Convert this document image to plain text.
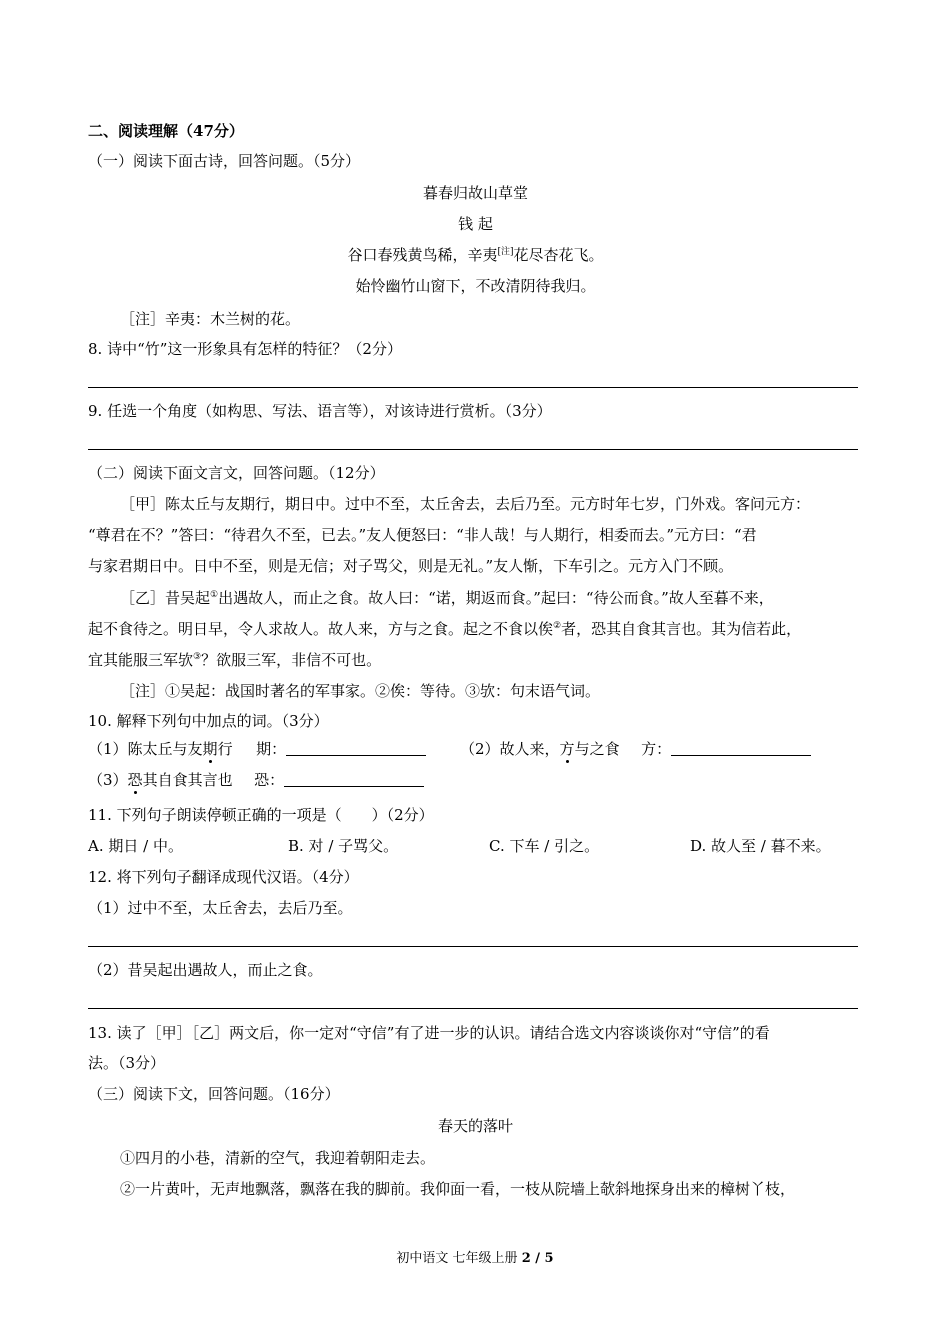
二、阅读理解（47分）
（一）阅读下面古诗，回答问题。（5分）
暮春归故山草堂
钱 起
谷口春残黄鸟稀，辛夷[注]花尽杏花飞。
始怜幽竹山窗下，不改清阴待我归。
［注］辛夷：木兰树的花。
8. 诗中“竹”这一形象具有怎样的特征？（2分）
9. 任选一个角度（如构思、写法、语言等），对该诗进行赏析。（3分）
（二）阅读下面文言文，回答问题。（12分）
［甲］陈太丘与友期行，期日中。过中不至，太丘舍去，去后乃至。元方时年七岁，门外戏。客问元方：
“尊君在不？”答曰：“待君久不至，已去。”友人便怒曰：“非人哉！与人期行，相委而去。”元方曰：“君
与家君期日中。日中不至，则是无信；对子骂父，则是无礼。”友人惭，下车引之。元方入门不顾。
［乙］昔吴起①出遇故人，而止之食。故人曰：“诺，期返而食。”起曰：“待公而食。”故人至暮不来，
起不食待之。明日早，令人求故人。故人来，方与之食。起之不食以俟②者，恐其自食其言也。其为信若此，
宜其能服三军欤③？欲服三军，非信不可也。
［注］①吴起：战国时著名的军事家。②俟：等待。③欤：句末语气词。
10. 解释下列句中加点的词。（3分）
（1）陈太丘与友期行 期：	（2）故人来，方与之食 方：
（3）恐其自食其言也 恐：
11. 下列句子朗读停顿正确的一项是（　　）（2分）
A. 期日 / 中。	B. 对 / 子骂父。	C. 下车 / 引之。	D. 故人至 / 暮不来。
12. 将下列句子翻译成现代汉语。（4分）
（1）过中不至，太丘舍去，去后乃至。
（2）昔吴起出遇故人，而止之食。
13. 读了［甲］［乙］两文后，你一定对“守信”有了进一步的认识。请结合选文内容谈谈你对“守信”的看
法。（3分）
（三）阅读下文，回答问题。（16分）
春天的落叶
①四月的小巷，清新的空气，我迎着朝阳走去。
②一片黄叶，无声地飘落，飘落在我的脚前。我仰面一看，一枝从院墙上欹斜地探身出来的樟树丫枝，
初中语文 七年级上册 2 / 5
